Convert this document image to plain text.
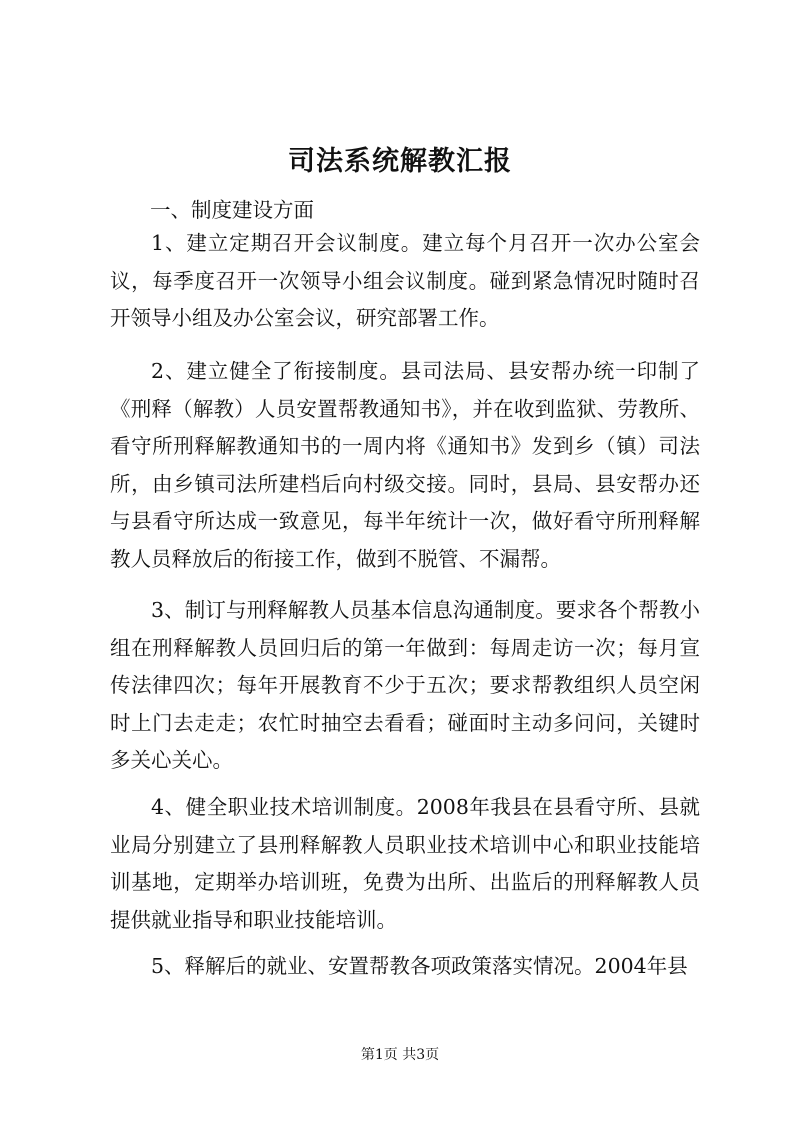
司法系统解教汇报
一、制度建设方面

1、建立定期召开会议制度。建立每个月召开一次办公室会议，每季度召开一次领导小组会议制度。碰到紧急情况时随时召开领导小组及办公室会议，研究部署工作。

2、建立健全了衔接制度。县司法局、县安帮办统一印制了《刑释（解教）人员安置帮教通知书》，并在收到监狱、劳教所、看守所刑释解教通知书的一周内将《通知书》发到乡（镇）司法所，由乡镇司法所建档后向村级交接。同时，县局、县安帮办还与县看守所达成一致意见，每半年统计一次，做好看守所刑释解教人员释放后的衔接工作，做到不脱管、不漏帮。

3、制订与刑释解教人员基本信息沟通制度。要求各个帮教小组在刑释解教人员回归后的第一年做到：每周走访一次；每月宣传法律四次；每年开展教育不少于五次；要求帮教组织人员空闲时上门去走走；农忙时抽空去看看；碰面时主动多问问，关键时多关心关心。

4、健全职业技术培训制度。2008年我县在县看守所、县就业局分别建立了县刑释解教人员职业技术培训中心和职业技能培训基地，定期举办培训班，免费为出所、出监后的刑释解教人员提供就业指导和职业技能培训。

5、释解后的就业、安置帮教各项政策落实情况。2004年县

第1页 共3页
